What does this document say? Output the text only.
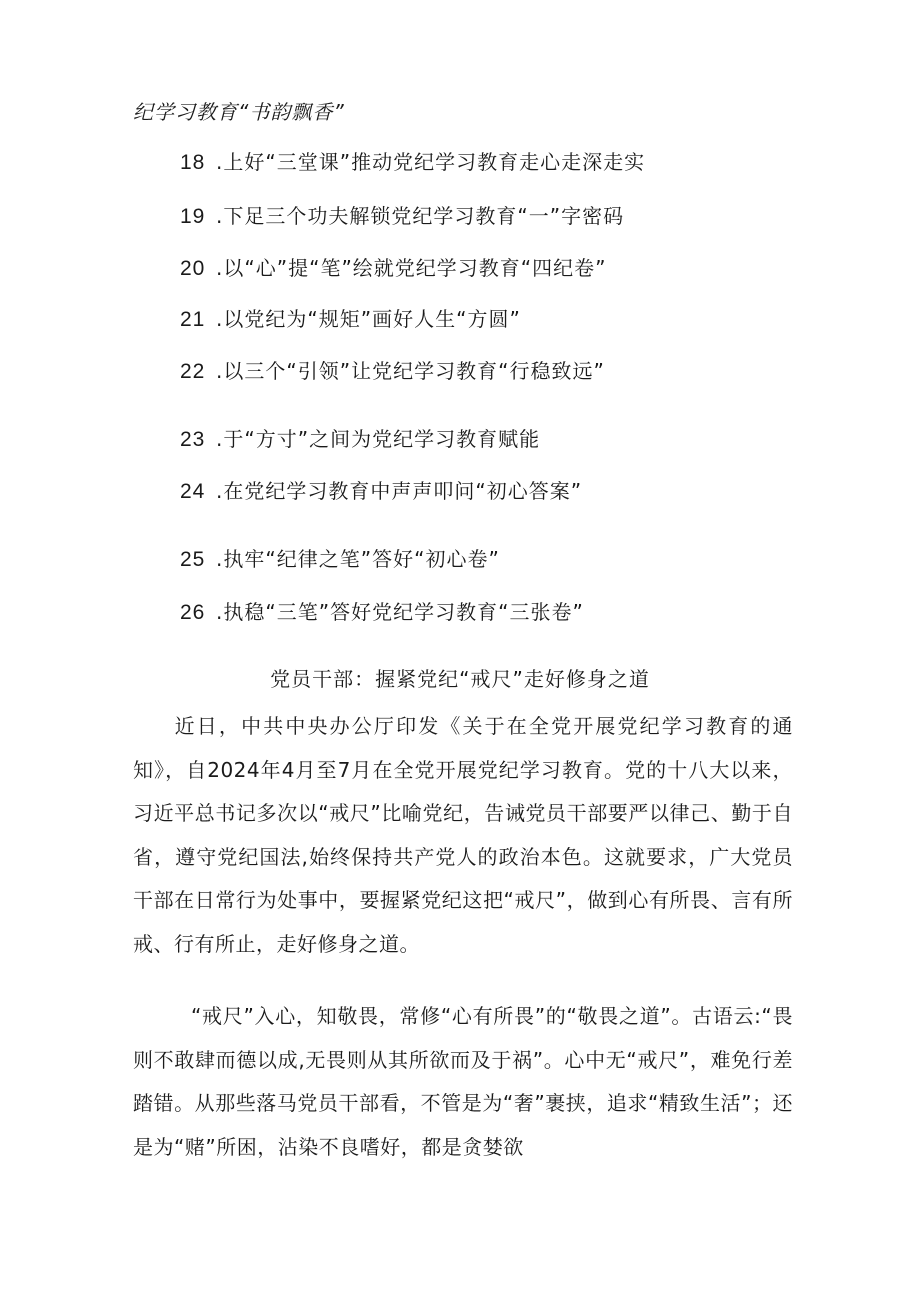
纪学习教育“书韵飘香”
18 .上好“三堂课”推动党纪学习教育走心走深走实
19 .下足三个功夫解锁党纪学习教育“一”字密码
20 .以“心”提“笔”绘就党纪学习教育“四纪卷”
21 .以党纪为“规矩”画好人生“方圆”
22 .以三个“引领”让党纪学习教育“行稳致远”
23 .于“方寸”之间为党纪学习教育赋能
24 .在党纪学习教育中声声叩问“初心答案”
25 .执牢“纪律之笔”答好“初心卷”
26 .执稳“三笔”答好党纪学习教育“三张卷”
党员干部：握紧党纪“戒尺”走好修身之道
近日，中共中央办公厅印发《关于在全党开展党纪学习教育的通知》，自2024年4月至7月在全党开展党纪学习教育。党的十八大以来，习近平总书记多次以“戒尺”比喻党纪，告诫党员干部要严以律己、勤于自省，遵守党纪国法,始终保持共产党人的政治本色。这就要求，广大党员干部在日常行为处事中，要握紧党纪这把“戒尺”，做到心有所畏、言有所戒、行有所止，走好修身之道。
“戒尺”入心，知敬畏，常修“心有所畏”的“敬畏之道”。古语云:“畏则不敢肆而德以成,无畏则从其所欲而及于祸”。心中无“戒尺”，难免行差踏错。从那些落马党员干部看，不管是为“奢”裹挟，追求“精致生活”；还是为“赌”所困，沾染不良嗜好，都是贪婪欲
